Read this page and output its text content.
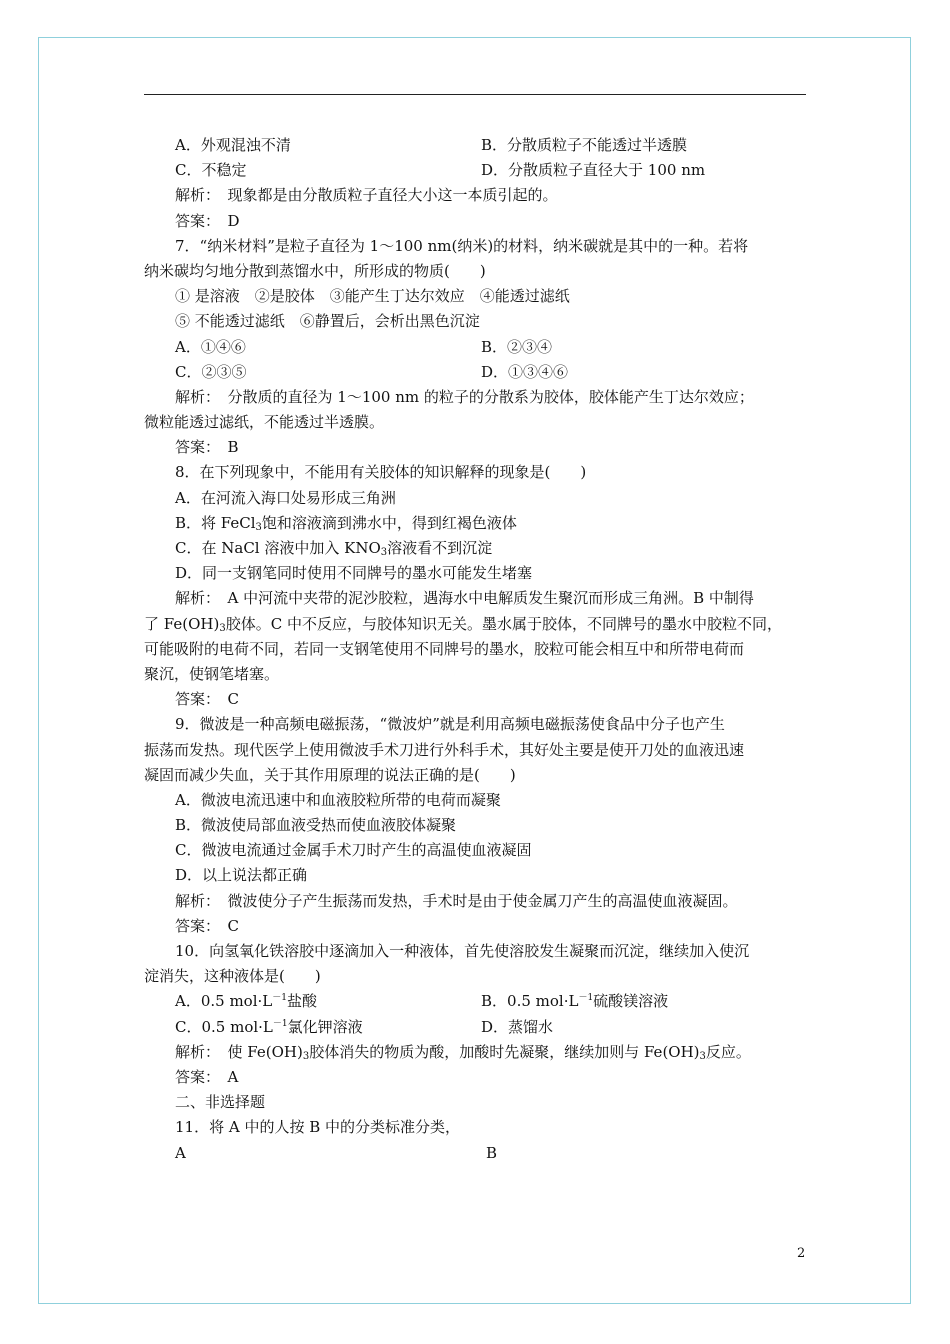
A．外观混浊不清	B．分散质粒子不能透过半透膜
C．不稳定	D．分散质粒子直径大于 100 nm
解析：　现象都是由分散质粒子直径大小这一本质引起的。
答案：　D
7．“纳米材料”是粒子直径为 1～100 nm(纳米)的材料，纳米碳就是其中的一种。若将
纳米碳均匀地分散到蒸馏水中，所形成的物质(　　)
① 是溶液　②是胶体　③能产生丁达尔效应　④能透过滤纸
⑤ 不能透过滤纸　⑥静置后，会析出黑色沉淀
A．①④⑥	B．②③④
C．②③⑤	D．①③④⑥
解析：　分散质的直径为 1～100 nm 的粒子的分散系为胶体，胶体能产生丁达尔效应；
微粒能透过滤纸，不能透过半透膜。
答案：　B
8．在下列现象中，不能用有关胶体的知识解释的现象是(　　)
A．在河流入海口处易形成三角洲
B．将 FeCl$_3$饱和溶液滴到沸水中，得到红褐色液体
C．在 NaCl 溶液中加入 $KNO_3$溶液看不到沉淀
D．同一支钢笔同时使用不同牌号的墨水可能发生堵塞
解析：　A 中河流中夹带的泥沙胶粒，遇海水中电解质发生聚沉而形成三角洲。B 中制得
了 $Fe(OH)_3$胶体。C 中不反应，与胶体知识无关。墨水属于胶体，不同牌号的墨水中胶粒不同，
可能吸附的电荷不同，若同一支钢笔使用不同牌号的墨水，胶粒可能会相互中和所带电荷而
聚沉，使钢笔堵塞。
答案：　C
9．微波是一种高频电磁振荡，“微波炉”就是利用高频电磁振荡使食品中分子也产生
振荡而发热。现代医学上使用微波手术刀进行外科手术，其好处主要是使开刀处的血液迅速
凝固而减少失血，关于其作用原理的说法正确的是(　　)
A．微波电流迅速中和血液胶粒所带的电荷而凝聚
B．微波使局部血液受热而使血液胶体凝聚
C．微波电流通过金属手术刀时产生的高温使血液凝固
D．以上说法都正确
解析：　微波使分子产生振荡而发热，手术时是由于使金属刀产生的高温使血液凝固。
答案：　C
10．向氢氧化铁溶胶中逐滴加入一种液体，首先使溶胶发生凝聚而沉淀，继续加入使沉
淀消失，这种液体是(　　)
A．0.5 $mol\cdot L^{-1}$盐酸	B．0.5 $mol\cdot L^{-1}$硫酸镁溶液
C．0.5 $mol\cdot L^{-1}$氯化钾溶液	D．蒸馏水
解析：　使 $Fe(OH)_3$胶体消失的物质为酸，加酸时先凝聚，继续加则与 $Fe(OH)_3$反应。
答案：　A
二、非选择题
11．将 A 中的人按 B 中的分类标准分类，
A	B
2
